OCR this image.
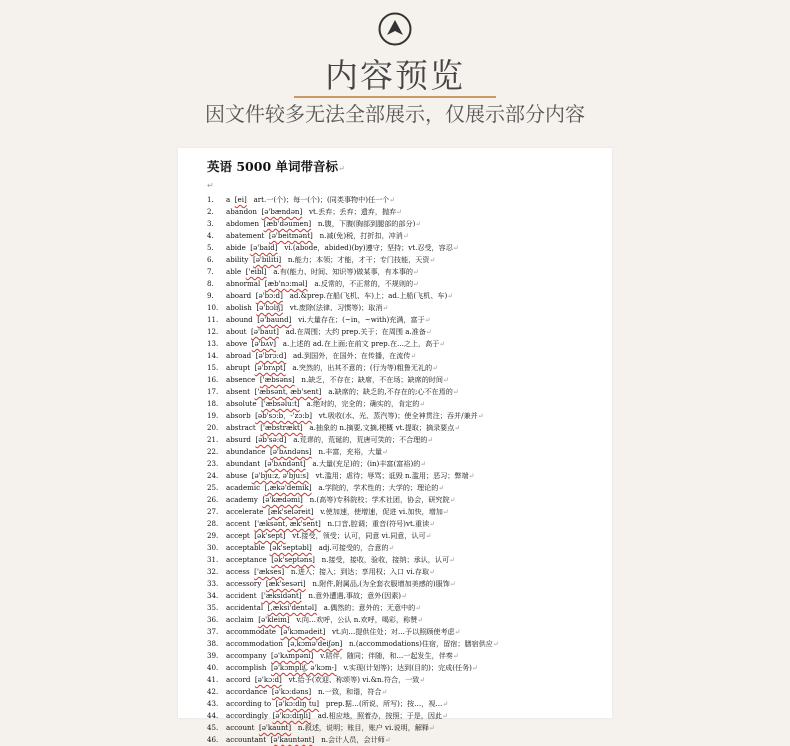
内容预览
因文件较多无法全部展示，仅展示部分内容
英语 5000 单词带音标↵
↵
1. a [ei] art.一(个)；每一(个)；(同类事物中)任一个↵
2. abandon [ə'bændən] vt.丢弃；丢弃；遗弃，抛弃↵
3. abdomen [æb'dəumen] n.腹，下腹(胸部到腿部的部分)↵
4. abatement [ə'beitmənt] n.减(免)税，打折扣，冲消↵
5. abide [ə'baid] vi.(abode，abided)(by)遵守；坚持；vt.忍受，容忍↵
6. ability [ə'biliti] n.能力；本领；才能，才干；专门技能，天资↵
7. able ['eibl] a.有(能力、时间、知识等)做某事，有本事的↵
8. abnormal [æb'nɔ:məl] a.反常的，不正常的，不规则的↵
9. aboard [ə'bɔ:d] ad.&prep.在船(飞机、车)上；ad.上船(飞机、车)↵
10. abolish [ə'bɔliʃ] vt.废除(法律、习惯等)；取消↵
11. abound [ə'baund] vi.大量存在；(~in，~with)充满，富于↵
12. about [ə'baut] ad.在周围；大约 prep.关于；在周围 a.准备↵
13. above [ə'bʌv] a.上述的 ad.在上面;在前文 prep.在...之上，高于↵
14. abroad [ə'brɔ:d] ad.到国外，在国外；在传播，在流传↵
15. abrupt [ə'brʌpt] a.突然的，出其不意的；(行为等)粗鲁无礼的↵
16. absence ['æbsəns] n.缺乏，不存在；缺席，不在场；缺席的时间↵
17. absent ['æbsənt, æb'sent] a.缺席的；缺乏的,不存在的;心不在焉的↵
18. absolute ['æbsəlu:t] a.绝对的，完全的；确实的，肯定的↵
19. absorb [əb'sɔ:b，-'zɔ:b] vt.吸收(水、光、蒸汽等)；使全神贯注；吞并/兼并↵
20. abstract ['æbstrækt] a.抽象的 n.摘要,文摘,梗概 vt.提取；摘录要点↵
21. absurd [əb'sə:d] a.荒谬的，荒诞的，荒唐可笑的；不合理的↵
22. abundance [ə'bʌndəns] n.丰富，充裕，大量↵
23. abundant [ə'bʌndənt] a.大量(充足)的；(in)丰富(富裕)的↵
24. abuse [ə'bju:z, ə'bju:s] vt.滥用；虐待；辱骂；诋毁 n.滥用；恶习；弊端↵
25. academic [,ækə'demik] a.学院的，学术性的；大学的；理论的↵
26. academy [ə'kædəmi] n.(高等)专科院校；学术社团，协会，研究院↵
27. accelerate [æk'seləreit] v.使加速，使增速，促进 vi.加快，增加↵
28. accent ['æksənt, æk'sent] n.口音,腔调；重音(符号)vt.重读↵
29. accept [ək'sept] vt.接受，领受；认可，同意 vi.同意，认可↵
30. acceptable [ək'septəbl] adj.可接受的，合意的↵
31. acceptance [ək'septəns] n.接受，接收，验收，接纳；承认，认可↵
32. access ['ækses] n.进入；接入；到达；享用权；入口 vi.存取↵
33. accessory [æk'sesəri] n.附件,附属品,(为全套衣服增加美感的)服饰↵
34. accident ['æksidənt] n.意外遭遇,事故；意外(因素)↵
35. accidental [,æksi'dentəl] a.偶然的；意外的；无意中的↵
36. acclaim [ə'kleim] v.向…欢呼，公认 n.欢呼，喝彩，称赞↵
37. accommodate [ə'kɔmədeit] vt.向…提供住处；对…予以照顾使考虑↵
38. accommodation [ə,kɔmə'deiʃən] n.(accommodations)住宿，留宿；膳宿供应↵
39. accompany [ə'kʌmpəni] v.陪伴，随同；伴随，和...一起发生，伴奏↵
40. accomplish [ə'kɔmpliʃ, ə'kɔm-] v.实现(计划等)；达到(目的)；完成(任务)↵
41. accord [ə'kɔ:d] vt.给予(欢迎、称颂等) vi.&n.符合，一致↵
42. accordance [ə'kɔ:dəns] n.一致，和谐，符合↵
43. according to [ə'kɔ:diŋ tu] prep.据…(所说、所写)；按…，视…↵
44. accordingly [ə'kɔ:diŋli] ad.相应地，照着办，按照；于是，因此↵
45. account [ə'kaunt] n.叙述，说明；账目，账户 vi.说明，解释↵
46. accountant [ə'kauntənt] n.会计人员，会计师↵
